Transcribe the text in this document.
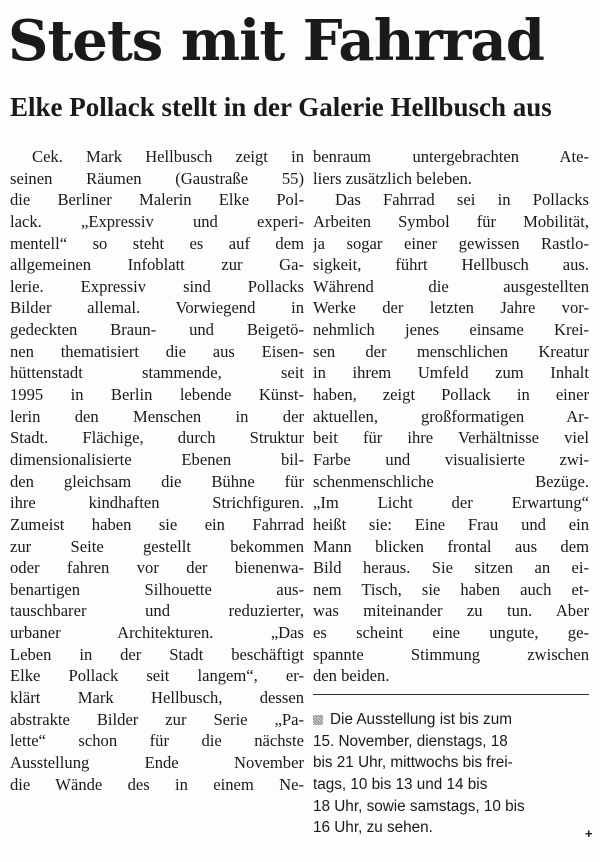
Stets mit Fahrrad
Elke Pollack stellt in der Galerie Hellbusch aus
Cek. Mark Hellbusch zeigt in
seinen Räumen (Gaustraße 55)
die Berliner Malerin Elke Pol-
lack. „Expressiv und experi-
mentell“ so steht es auf dem
allgemeinen Infoblatt zur Ga-
lerie. Expressiv sind Pollacks
Bilder allemal. Vorwiegend in
gedeckten Braun- und Beigetö-
nen thematisiert die aus Eisen-
hüttenstadt stammende, seit
1995 in Berlin lebende Künst-
lerin den Menschen in der
Stadt. Flächige, durch Struktur
dimensionalisierte Ebenen bil-
den gleichsam die Bühne für
ihre kindhaften Strichfiguren.
Zumeist haben sie ein Fahrrad
zur Seite gestellt bekommen
oder fahren vor der bienenwa-
benartigen Silhouette aus-
tauschbarer und reduzierter,
urbaner Architekturen. „Das
Leben in der Stadt beschäftigt
Elke Pollack seit langem“, er-
klärt Mark Hellbusch, dessen
abstrakte Bilder zur Serie „Pa-
lette“ schon für die nächste
Ausstellung Ende November
die Wände des in einem Ne-
benraum untergebrachten Ate-
liers zusätzlich beleben.
Das Fahrrad sei in Pollacks
Arbeiten Symbol für Mobilität,
ja sogar einer gewissen Rastlo-
sigkeit, führt Hellbusch aus.
Während die ausgestellten
Werke der letzten Jahre vor-
nehmlich jenes einsame Krei-
sen der menschlichen Kreatur
in ihrem Umfeld zum Inhalt
haben, zeigt Pollack in einer
aktuellen, großformatigen Ar-
beit für ihre Verhältnisse viel
Farbe und visualisierte zwi-
schenmenschliche Bezüge.
„Im Licht der Erwartung“
heißt sie: Eine Frau und ein
Mann blicken frontal aus dem
Bild heraus. Sie sitzen an ei-
nem Tisch, sie haben auch et-
was miteinander zu tun. Aber
es scheint eine ungute, ge-
spannte Stimmung zwischen
den beiden.
Die Ausstellung ist bis zum
15. November, dienstags, 18
bis 21 Uhr, mittwochs bis frei-
tags, 10 bis 13 und 14 bis
18 Uhr, sowie samstags, 10 bis
16 Uhr, zu sehen.	+
